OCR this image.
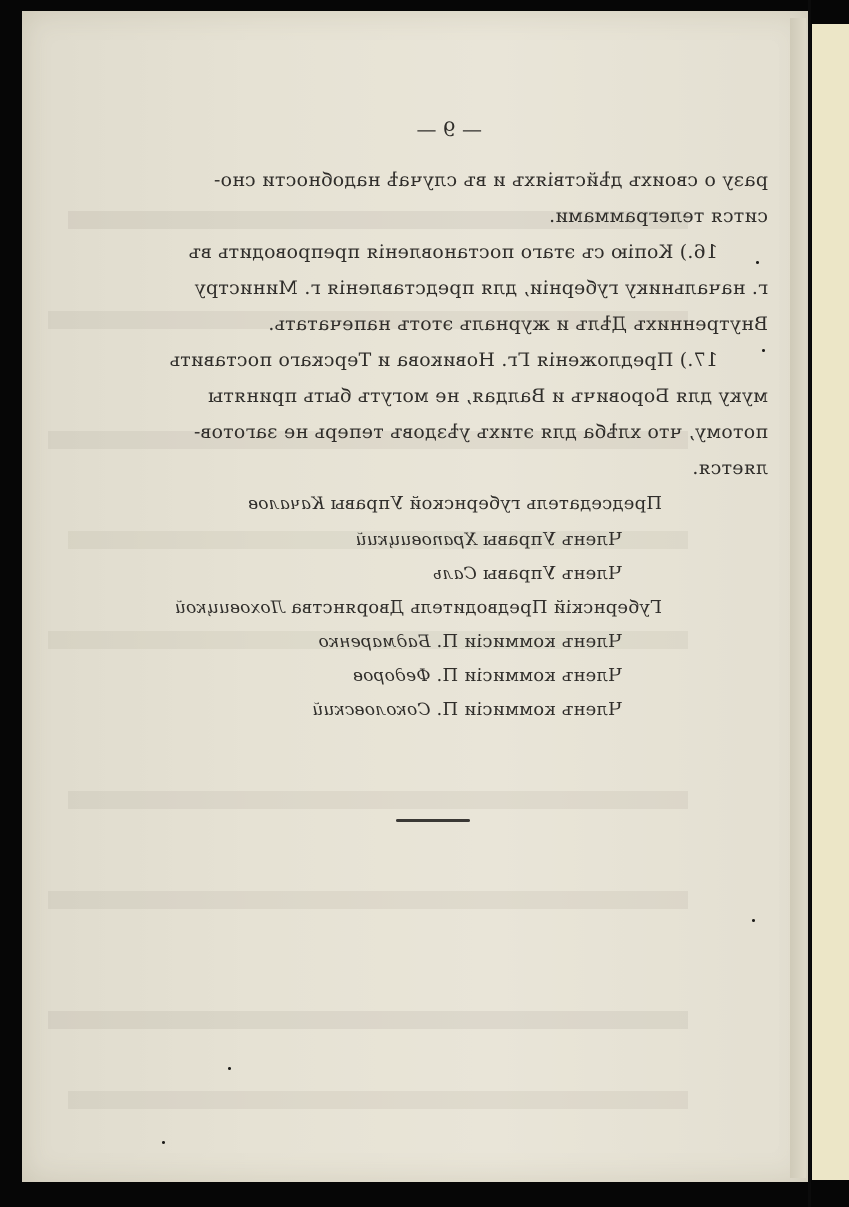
— 9 —
разу о своихъ дѣйствіяхъ и въ случаѣ надобности сно-
сится телеграммами.
16.) Копію съ этаго постановленія препроводить въ
г. начальнику губерніи, для представленія г. Министру
Внутреннихъ Дѣлъ и журналъ этотъ напечатать.
17.) Предложенія Гг. Новикова и Терскаго поставить
муку для Боровичъ и Валдая, не могутъ быть приняты
потому, что хлѣба для этихъ уѣздовъ теперь не заготов-
ляется.
Председатель губернской Управы Качалов
Членъ Управы Храповицкий
Членъ Управы Саль
Губернскій Предводитель Дворянства Лоховицкой
Членъ коммисіи П. Бадмаренко
Членъ коммисіи П. Федоров
Членъ коммисіи П. Соколовский
